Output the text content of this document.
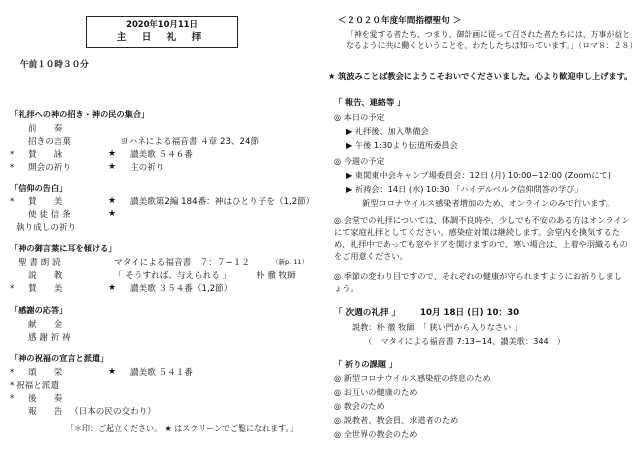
2020年10月11日
主 日 礼 拝
午前１０時３０分
「礼拝への神の招き・神の民の集合」
前　　奏
招きの言葉	ヨハネによる福音書 ４章 23、24節
* 賛　　詠	★ 讃美歌 ５４６番
* 開会の祈り	★ 主の祈り
「信仰の告白」
* 賛　　美	★ 讃美歌第2編 184番：神はひとり子を（1,2節）
使 徒 信 条	★
執り成しの祈り
「神の御言葉に耳を傾ける」
聖 書 朗 読	マタイによる福音書　７：７−１２	（新p. 11）
説　　教	「 そうすれば、与えられる 」	朴 徹 牧師
* 賛　　美	★ 讃美歌 ３５４番（1,2節）
「感謝の応答」
献　　金
感 謝 祈 祷
「神の祝福の宣言と派遣」
* 頌　　栄	★ 讃美歌 ５４１番
* 祝福と派遣
* 後　　奏
報　　告 （日本の民の交わり）
「＊印：ご起立ください。 ★ はスクリーンでご覧になれます。」
＜２０２０年度年間指標聖句 ＞
「神を愛する者たち、つまり、御計画に従って召された者たちには、万事が益となるように共に働くということを、わたしたちは知っています。」（ロマ８：２８）
★ 筑波みことば教会にようこそおいでくださいました。心より歓迎申し上げます。
「 報告、連絡等 」
◎ 本日の予定
▶ 礼拝後、加入準備会
▶ 午後 1:30より伝道所委員会
◎ 今週の予定
▶ 東関東中会キャンプ場委員会：12日 (月) 10:00−12:00 (Zoomにて)
▶ 祈祷会：14日 (水) 10:30 「ハイデルベルク信仰問答の学び」
新型コロナウイルス感染者増加のため、オンラインのみで行います。
◎ 会堂での礼拝については、体調不良時や、少しでも不安のある方はオンラインにて家庭礼拝としてください。感染症対策は継続します。会堂内を換気するため、礼拝中であっても窓やドアを開けますので、寒い場合は、上着や羽織るものをご用意ください。
◎ 季節の変わり目ですので、それぞれの健康が守られますようにお祈りしましょう。
「 次週の礼拝 」 10月 18日 (日) 10：30
説教：朴 徹 牧師　「 狭い門から入りなさい 」
（　マタイによる福音書 7:13−14、讃美歌：344　）
「 祈りの課題 」
◎ 新型コロナウイルス感染症の終息のため
◎ お互いの健康のため
◎ 教会のため
◎ 説教者、教会員、求道者のため
◎ 全世界の教会のため
